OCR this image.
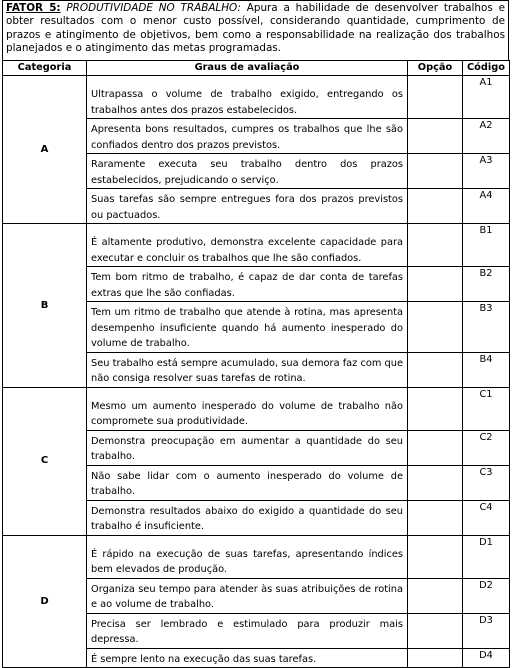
FATOR 5: PRODUTIVIDADE NO TRABALHO: Apura a habilidade de desenvolver trabalhos e obter resultados com o menor custo possível, considerando quantidade, cumprimento de prazos e atingimento de objetivos, bem como a responsabilidade na realização dos trabalhos planejados e o atingimento das metas programadas.
Categoria	Graus de avaliação	Opção	Código
A	Ultrapassa o volume de trabalho exigido, entregando os trabalhos antes dos prazos estabelecidos.		A1
	Apresenta bons resultados, cumpres os trabalhos que lhe são confiados dentro dos prazos previstos.		A2
	Raramente executa seu trabalho dentro dos prazos estabelecidos, prejudicando o serviço.		A3
	Suas tarefas são sempre entregues fora dos prazos previstos ou pactuados.		A4
B	É altamente produtivo, demonstra excelente capacidade para executar e concluir os trabalhos que lhe são confiados.		B1
	Tem bom ritmo de trabalho, é capaz de dar conta de tarefas extras que lhe são confiadas.		B2
	Tem um ritmo de trabalho que atende à rotina, mas apresenta desempenho insuficiente quando há aumento inesperado do volume de trabalho.		B3
	Seu trabalho está sempre acumulado, sua demora faz com que não consiga resolver suas tarefas de rotina.		B4
C	Mesmo um aumento inesperado do volume de trabalho não compromete sua produtividade.		C1
	Demonstra preocupação em aumentar a quantidade do seu trabalho.		C2
	Não sabe lidar com o aumento inesperado do volume de trabalho.		C3
	Demonstra resultados abaixo do exigido a quantidade do seu trabalho é insuficiente.		C4
D	É rápido na execução de suas tarefas, apresentando índices bem elevados de produção.		D1
	Organiza seu tempo para atender às suas atribuições de rotina e ao volume de trabalho.		D2
	Precisa ser lembrado e estimulado para produzir mais depressa.		D3
	É sempre lento na execução das suas tarefas.		D4
